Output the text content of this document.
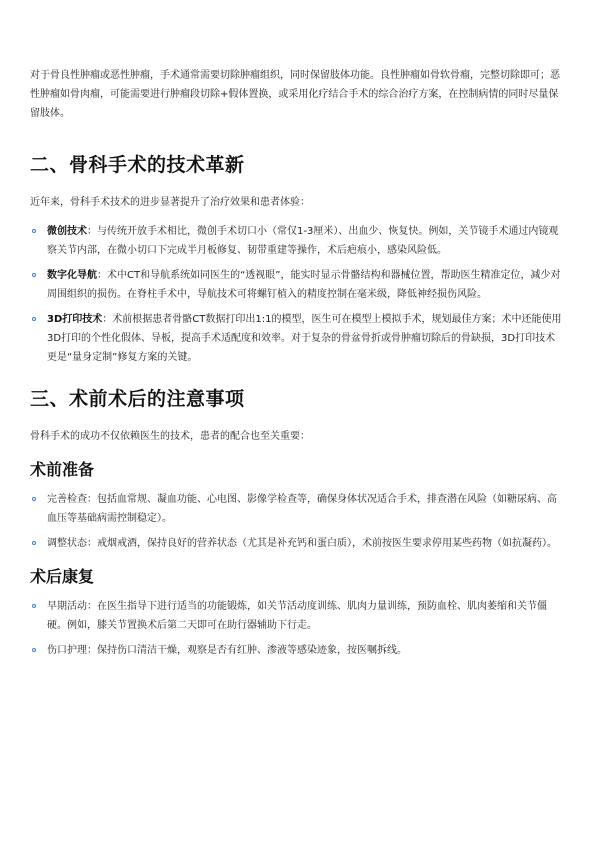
对于骨良性肿瘤或恶性肿瘤，手术通常需要切除肿瘤组织，同时保留肢体功能。良性肿瘤如骨软骨瘤，完整切除即可；恶性肿瘤如骨肉瘤，可能需要进行肿瘤段切除+假体置换，或采用化疗结合手术的综合治疗方案，在控制病情的同时尽量保留肢体。

二、骨科手术的技术革新

近年来，骨科手术技术的进步显著提升了治疗效果和患者体验：

微创技术：与传统开放手术相比，微创手术切口小（常仅1-3厘米）、出血少、恢复快。例如，关节镜手术通过内镜观察关节内部，在微小切口下完成半月板修复、韧带重建等操作，术后疤痕小，感染风险低。
数字化导航：术中CT和导航系统如同医生的“透视眼”，能实时显示骨骼结构和器械位置，帮助医生精准定位，减少对周围组织的损伤。在脊柱手术中，导航技术可将螺钉植入的精度控制在毫米级，降低神经损伤风险。
3D打印技术：术前根据患者骨骼CT数据打印出1:1的模型，医生可在模型上模拟手术，规划最佳方案；术中还能使用3D打印的个性化假体、导板，提高手术适配度和效率。对于复杂的骨盆骨折或骨肿瘤切除后的骨缺损，3D打印技术更是“量身定制”修复方案的关键。
三、术前术后的注意事项

骨科手术的成功不仅依赖医生的技术，患者的配合也至关重要：

术前准备
完善检查：包括血常规、凝血功能、心电图、影像学检查等，确保身体状况适合手术，排查潜在风险（如糖尿病、高血压等基础病需控制稳定）。
调整状态：戒烟戒酒，保持良好的营养状态（尤其是补充钙和蛋白质），术前按医生要求停用某些药物（如抗凝药）。
术后康复
早期活动：在医生指导下进行适当的功能锻炼，如关节活动度训练、肌肉力量训练，预防血栓、肌肉萎缩和关节僵硬。例如，膝关节置换术后第二天即可在助行器辅助下行走。
伤口护理：保持伤口清洁干燥，观察是否有红肿、渗液等感染迹象，按医嘱拆线。
